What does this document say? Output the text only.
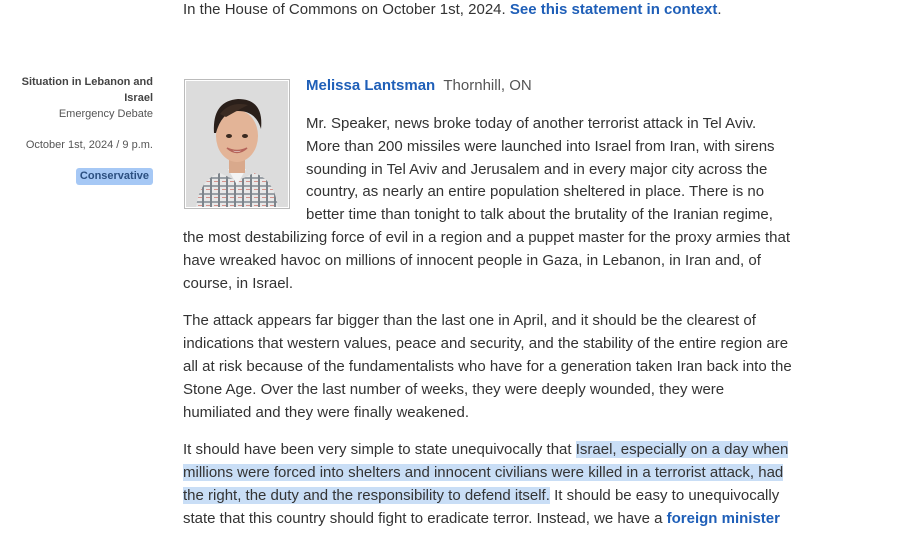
In the House of Commons on October 1st, 2024. See this statement in context.
Situation in Lebanon and Israel
Emergency Debate
October 1st, 2024 / 9 p.m.
Conservative
Melissa Lantsman Thornhill, ON

Mr. Speaker, news broke today of another terrorist attack in Tel Aviv. More than 200 missiles were launched into Israel from Iran, with sirens sounding in Tel Aviv and Jerusalem and in every major city across the country, as nearly an entire population sheltered in place. There is no better time than tonight to talk about the brutality of the Iranian regime, the most destabilizing force of evil in a region and a puppet master for the proxy armies that have wreaked havoc on millions of innocent people in Gaza, in Lebanon, in Iran and, of course, in Israel.

The attack appears far bigger than the last one in April, and it should be the clearest of indications that western values, peace and security, and the stability of the entire region are all at risk because of the fundamentalists who have for a generation taken Iran back into the Stone Age. Over the last number of weeks, they were deeply wounded, they were humiliated and they were finally weakened.

It should have been very simple to state unequivocally that Israel, especially on a day when millions were forced into shelters and innocent civilians were killed in a terrorist attack, had the right, the duty and the responsibility to defend itself. It should be easy to unequivocally state that this country should fight to eradicate terror. Instead, we have a foreign minister
